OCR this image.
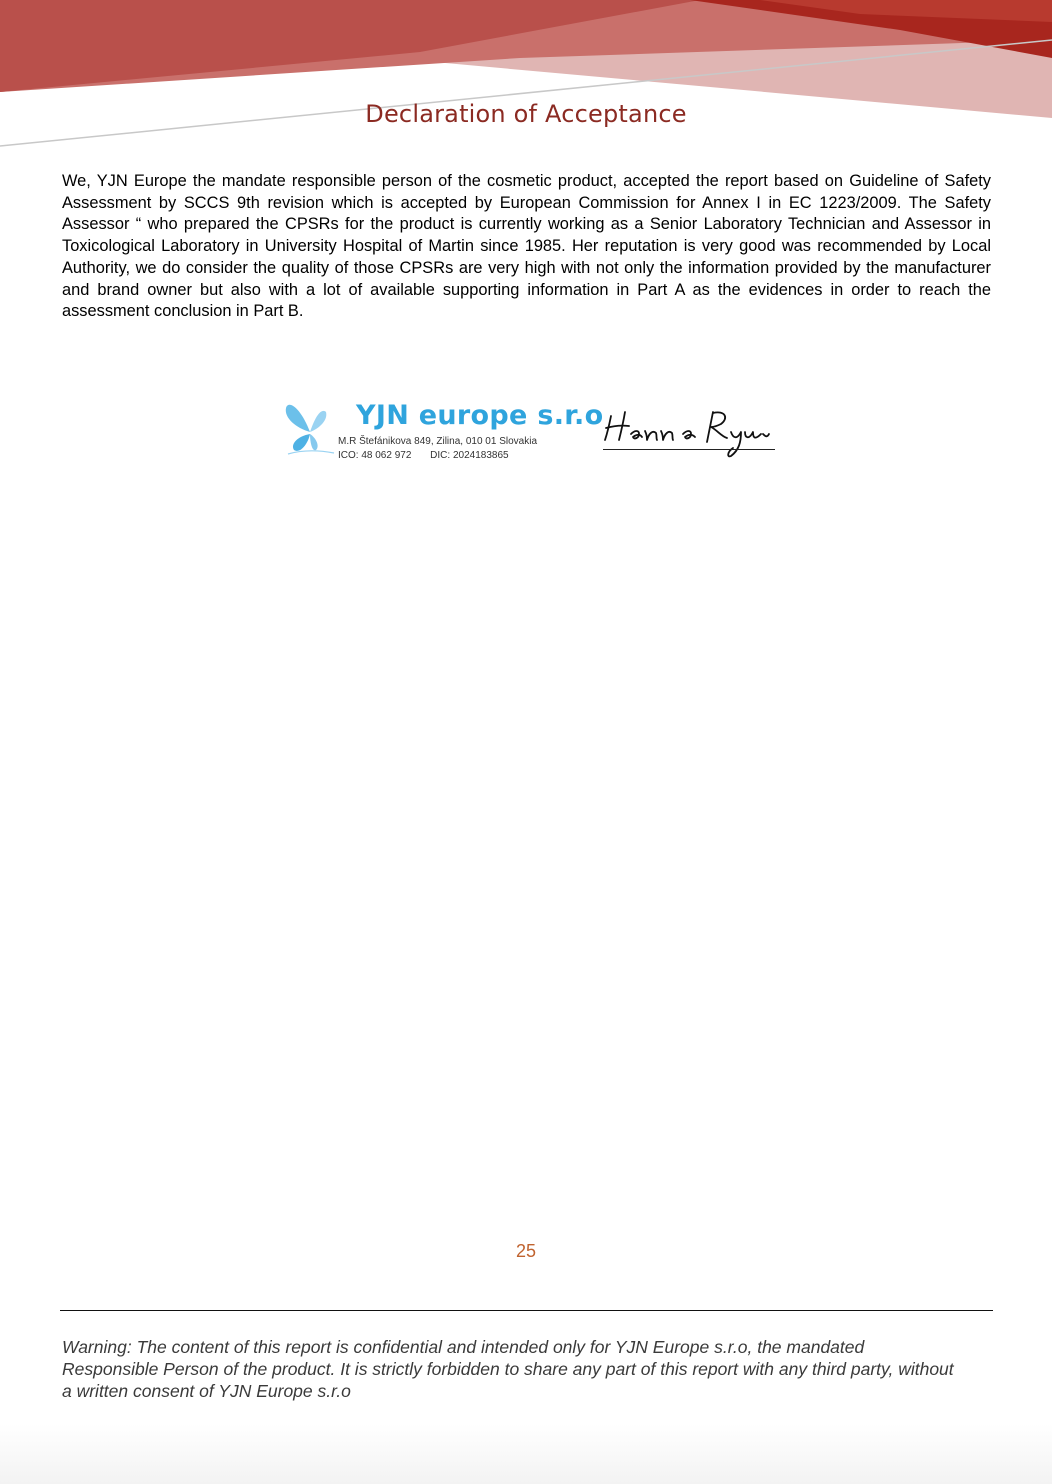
Declaration of Acceptance

We, YJN Europe the mandate responsible person of the cosmetic product, accepted the report based on Guideline of Safety Assessment by SCCS 9th revision which is accepted by European Commission for Annex I in EC 1223/2009. The Safety Assessor “ who prepared the CPSRs for the product is currently working as a Senior Laboratory Technician and Assessor in Toxicological Laboratory in University Hospital of Martin since 1985. Her reputation is very good was recommended by Local Authority, we do consider the quality of those CPSRs are very high with not only the information provided by the manufacturer and brand owner but also with a lot of available supporting information in Part A as the evidences in order to reach the assessment conclusion in Part B.

YJN europe s.r.o
M.R Štefánikova 849, Zilina, 010 01 Slovakia
ICO: 48 062 972 DIC: 2024183865
25

Warning: The content of this report is confidential and intended only for YJN Europe s.r.o, the mandated Responsible Person of the product. It is strictly forbidden to share any part of this report with any third party, without a written consent of YJN Europe s.r.o
